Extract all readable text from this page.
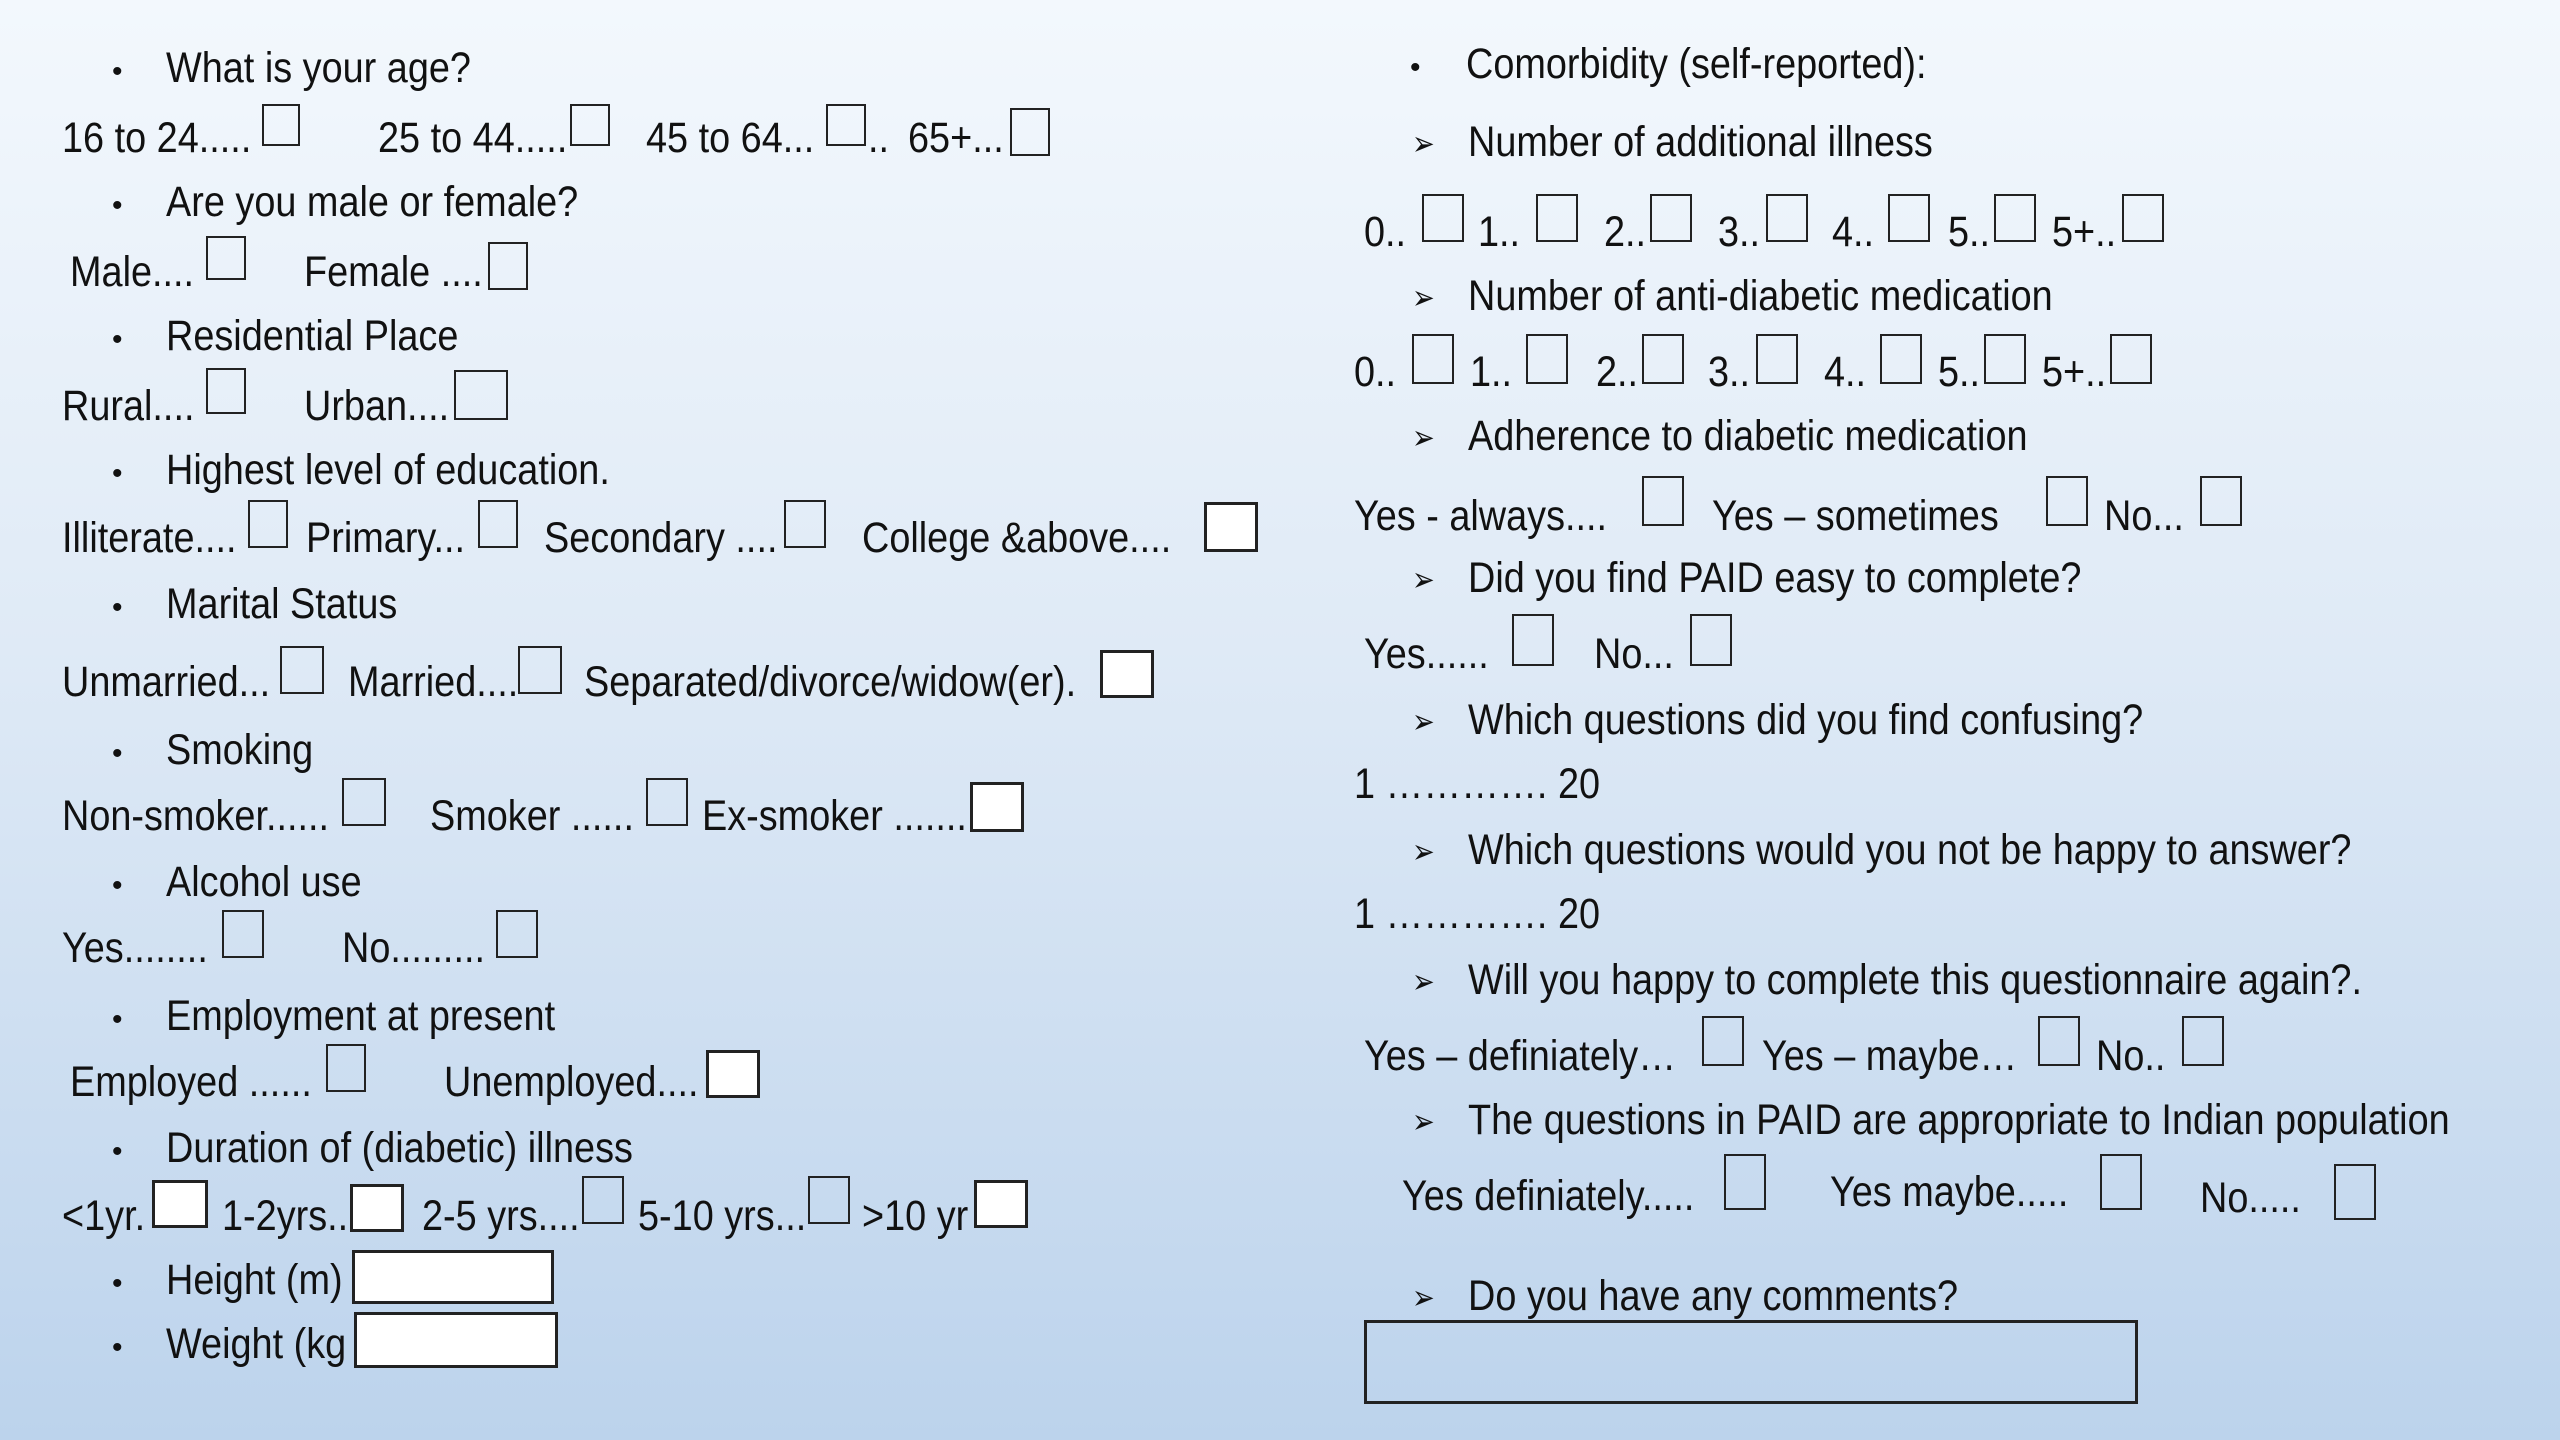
• What is your age?
16 to 24.....	25 to 44..... 45 to 64... .. 65+...
• Are you male or female?
Male....	Female ....
• Residential Place
Rural....	Urban....
• Highest level of education.
Illiterate.... Primary... Secondary .... College &above....
• Marital Status
Unmarried... Married.... Separated/divorce/widow(er).
• Smoking
Non-smoker...... Smoker ...... Ex-smoker .......
• Alcohol use
Yes........	No.........
• Employment at present
Employed ......	Unemployed....
• Duration of (diabetic) illness
<1yr. 1-2yrs.. 2-5 yrs.... 5-10 yrs... >10 yr
• Height (m)
• Weight (kg
• Comorbidity (self-reported):
➢ Number of additional illness
0.. 1.. 2.. 3.. 4.. 5.. 5+..
➢ Number of anti-diabetic medication
0.. 1.. 2.. 3.. 4.. 5.. 5+..
➢ Adherence to diabetic medication
Yes - always.... Yes – sometimes No...
➢ Did you find PAID easy to complete?
Yes...... No...
➢ Which questions did you find confusing?
1 …………. 20
➢ Which questions would you not be happy to answer?
1 …………. 20
➢ Will you happy to complete this questionnaire again?.
Yes – definiately… Yes – maybe… No..
➢ The questions in PAID are appropriate to Indian population
Yes definiately.....	Yes maybe.....	No.....
➢ Do you have any comments?
